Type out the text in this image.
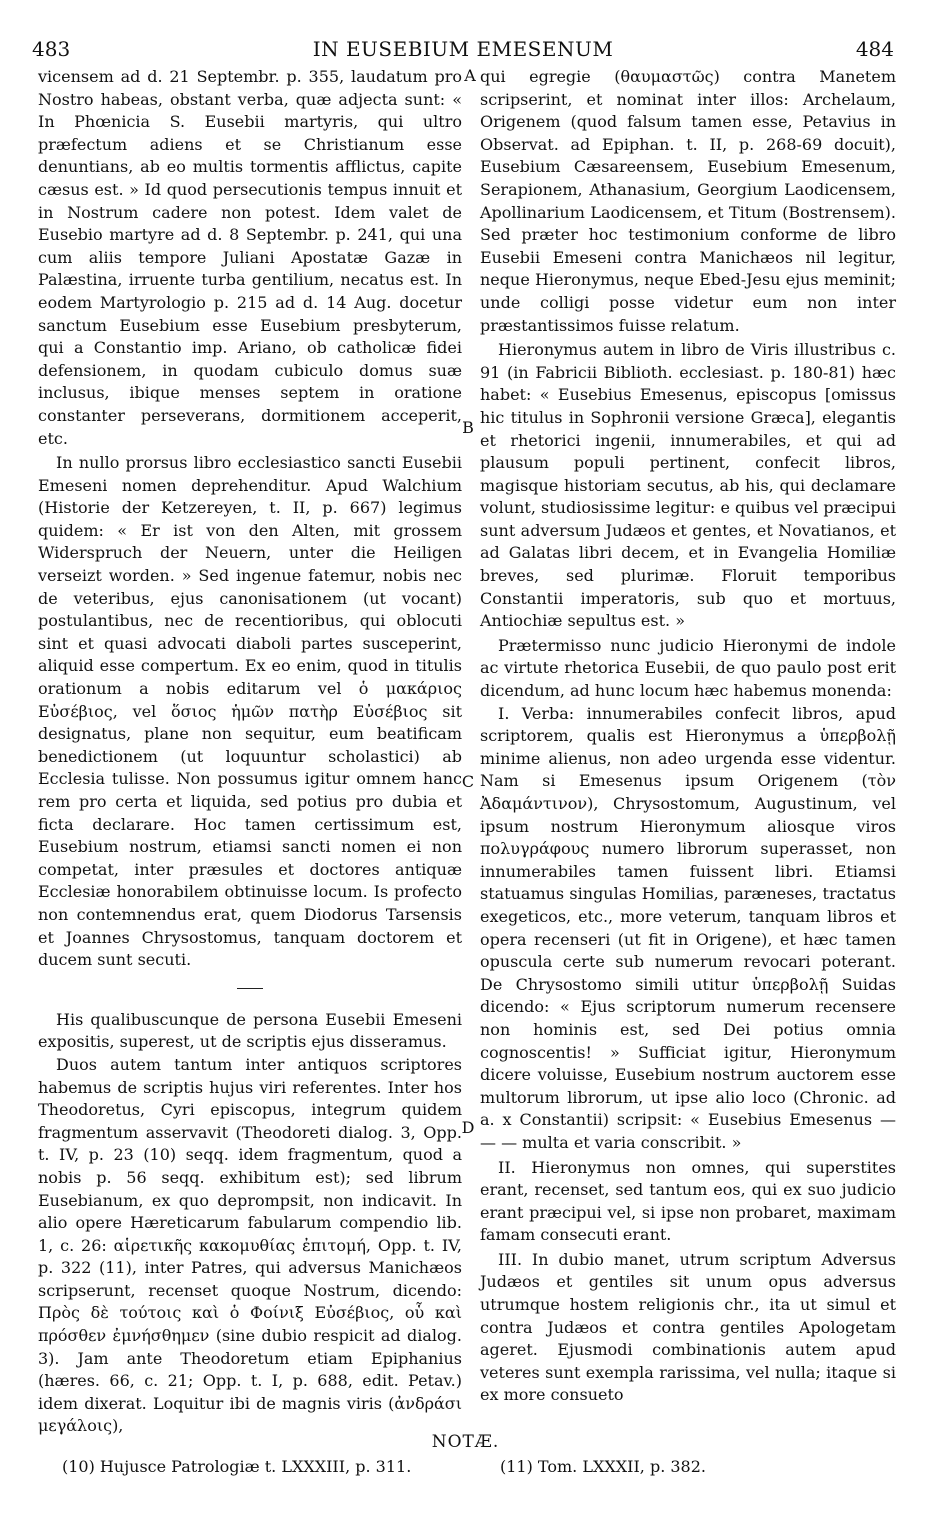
483	IN EUSEBIUM EMESENUM	484

vicensem ad d. 21 Septembr. p. 355, laudatum pro Nostro habeas, obstant verba, quæ adjecta sunt: « In Phœnicia S. Eusebii martyris, qui ultro præfectum adiens et se Christianum esse denuntians, ab eo multis tormentis afflictus, capite cæsus est. » Id quod persecutionis tempus innuit et in Nostrum cadere non potest. Idem valet de Eusebio martyre ad d. 8 Septembr. p. 241, qui una cum aliis tempore Juliani Apostatæ Gazæ in Palæstina, irruente turba gentilium, necatus est. In eodem Martyrologio p. 215 ad d. 14 Aug. docetur sanctum Eusebium esse Eusebium presbyterum, qui a Constantio imp. Ariano, ob catholicæ fidei defensionem, in quodam cubiculo domus suæ inclusus, ibique menses septem in oratione constanter perseverans, dormitionem acceperit, etc.

In nullo prorsus libro ecclesiastico sancti Eusebii Emeseni nomen deprehenditur. Apud Walchium (Historie der Ketzereyen, t. II, p. 667) legimus quidem: « Er ist von den Alten, mit grossem Widerspruch der Neuern, unter die Heiligen verseizt worden. » Sed ingenue fatemur, nobis nec de veteribus, ejus canonisationem (ut vocant) postulantibus, nec de recentioribus, qui oblocuti sint et quasi advocati diaboli partes susceperint, aliquid esse compertum. Ex eo enim, quod in titulis orationum a nobis editarum vel ὁ μακάριος Εὐσέβιος, vel ὅσιος ἡμῶν πατὴρ Εὐσέβιος sit designatus, plane non sequitur, eum beatificam benedictionem (ut loquuntur scholastici) ab Ecclesia tulisse. Non possumus igitur omnem hanc rem pro certa et liquida, sed potius pro dubia et ficta declarare. Hoc tamen certissimum est, Eusebium nostrum, etiamsi sancti nomen ei non competat, inter præsules et doctores antiquæ Ecclesiæ honorabilem obtinuisse locum. Is profecto non contemnendus erat, quem Diodorus Tarsensis et Joannes Chrysostomus, tanquam doctorem et ducem sunt secuti.

His qualibuscunque de persona Eusebii Emeseni expositis, superest, ut de scriptis ejus disseramus.

Duos autem tantum inter antiquos scriptores habemus de scriptis hujus viri referentes. Inter hos Theodoretus, Cyri episcopus, integrum quidem fragmentum asservavit (Theodoreti dialog. 3, Opp. t. IV, p. 23 (10) seqq. idem fragmentum, quod a nobis p. 56 seqq. exhibitum est); sed librum Eusebianum, ex quo deprompsit, non indicavit. In alio opere Hæreticarum fabularum compendio lib. 1, c. 26: αἱρετικῆς κακομυθίας ἐπιτομή, Opp. t. IV, p. 322 (11), inter Patres, qui adversus Manichæos scripserunt, recenset quoque Nostrum, dicendo: Πρὸς δὲ τούτοις καὶ ὁ Φοίνιξ Εὐσέβιος, οὗ καὶ πρόσθεν ἐμνήσθημεν (sine dubio respicit ad dialog. 3). Jam ante Theodoretum etiam Epiphanius (hæres. 66, c. 21; Opp. t. I, p. 688, edit. Petav.) idem dixerat. Loquitur ibi de magnis viris (ἀνδράσι μεγάλοις),

A
B
C
D

qui egregie (θαυμαστῶς) contra Manetem scripserint, et nominat inter illos: Archelaum, Origenem (quod falsum tamen esse, Petavius in Observat. ad Epiphan. t. II, p. 268-69 docuit), Eusebium Cæsareensem, Eusebium Emesenum, Serapionem, Athanasium, Georgium Laodicensem, Apollinarium Laodicensem, et Titum (Bostrensem). Sed præter hoc testimonium conforme de libro Eusebii Emeseni contra Manichæos nil legitur, neque Hieronymus, neque Ebed-Jesu ejus meminit; unde colligi posse videtur eum non inter præstantissimos fuisse relatum.

Hieronymus autem in libro de Viris illustribus c. 91 (in Fabricii Biblioth. ecclesiast. p. 180-81) hæc habet: « Eusebius Emesenus, episcopus [omissus hic titulus in Sophronii versione Græca], elegantis et rhetorici ingenii, innumerabiles, et qui ad plausum populi pertinent, confecit libros, magisque historiam secutus, ab his, qui declamare volunt, studiosissime legitur: e quibus vel præcipui sunt adversum Judæos et gentes, et Novatianos, et ad Galatas libri decem, et in Evangelia Homiliæ breves, sed plurimæ. Floruit temporibus Constantii imperatoris, sub quo et mortuus, Antiochiæ sepultus est. »

Prætermisso nunc judicio Hieronymi de indole ac virtute rhetorica Eusebii, de quo paulo post erit dicendum, ad hunc locum hæc habemus monenda:

I. Verba: innumerabiles confecit libros, apud scriptorem, qualis est Hieronymus a ὑπερβολῇ minime alienus, non adeo urgenda esse videntur. Nam si Emesenus ipsum Origenem (τὸν Ἀδαμάντινον), Chrysostomum, Augustinum, vel ipsum nostrum Hieronymum aliosque viros πολυγράφους numero librorum superasset, non innumerabiles tamen fuissent libri. Etiamsi statuamus singulas Homilias, parænesеs, tractatus exegeticos, etc., more veterum, tanquam libros et opera recenseri (ut fit in Origene), et hæc tamen opuscula certe sub numerum revocari poterant. De Chrysostomo simili utitur ὑπερβολῇ Suidas dicendo: « Ejus scriptorum numerum recensere non hominis est, sed Dei potius omnia cognoscentis! » Sufficiat igitur, Hieronymum dicere voluisse, Eusebium nostrum auctorem esse multorum librorum, ut ipse alio loco (Chronic. ad a. x Constantii) scripsit: « Eusebius Emesenus — — — multa et varia conscribit. »

II. Hieronymus non omnes, qui superstites erant, recenset, sed tantum eos, qui ex suo judicio erant præcipui vel, si ipse non probaret, maximam famam consecuti erant.

III. In dubio manet, utrum scriptum Adversus Judæos et gentiles sit unum opus adversus utrumque hostem religionis chr., ita ut simul et contra Judæos et contra gentiles Apologetam ageret. Ejusmodi combinationis autem apud veteres sunt exempla rarissima, vel nulla; itaque si ex more consueto

NOTÆ.
(10) Hujusce Patrologiæ t. LXXXIII, p. 311.	(11) Tom. LXXXII, p. 382.
